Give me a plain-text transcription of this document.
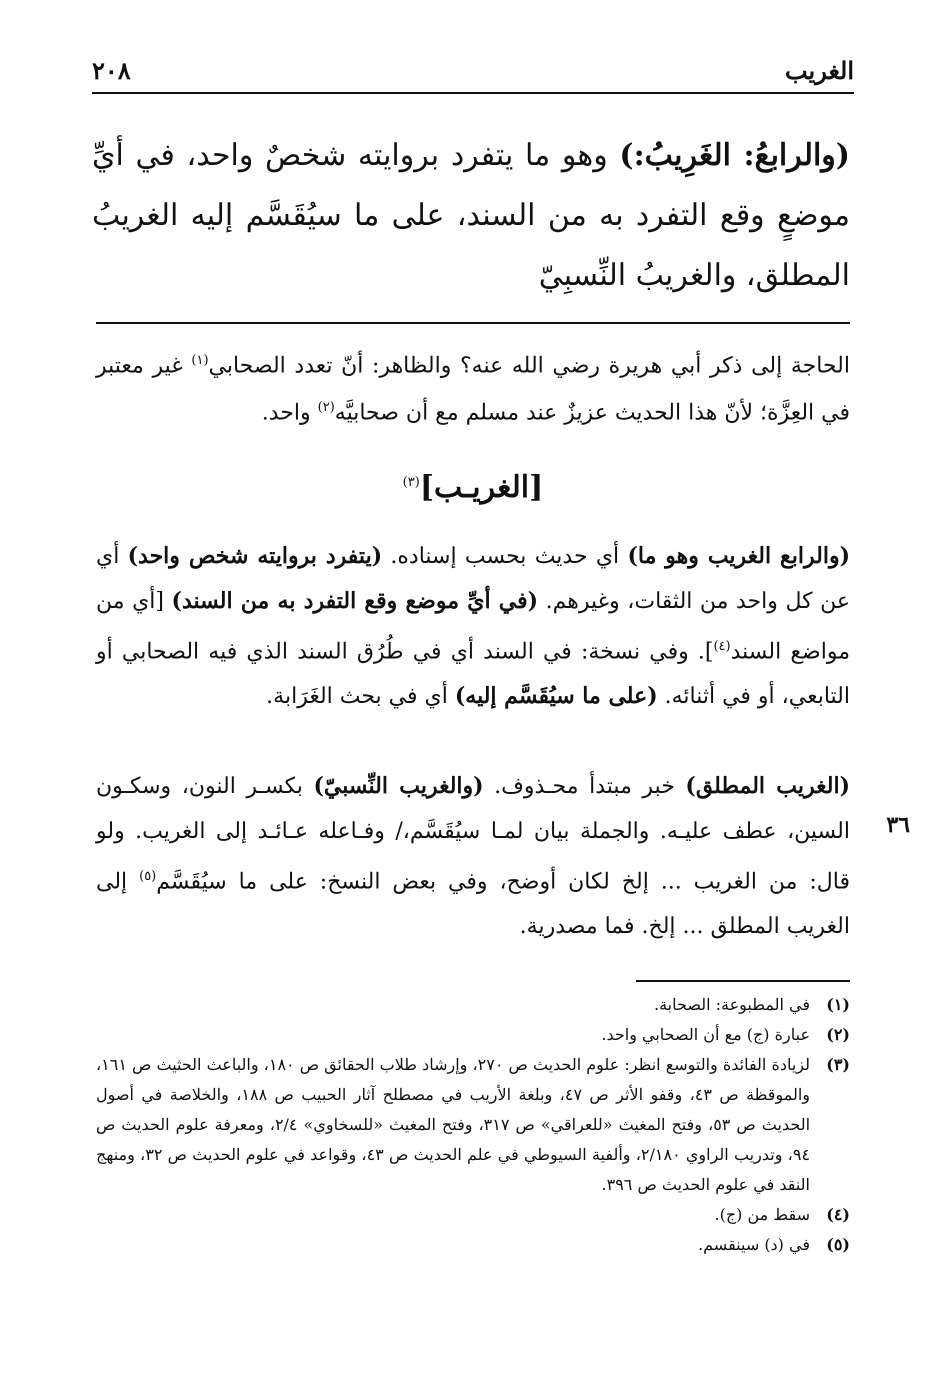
الغريب
٢٠٨
(والرابعُ: الغَرِيبُ:) وهو ما يتفرد بروايته شخصٌ واحد، في أيِّ موضعٍ وقع التفرد به من السند، على ما سيُقَسَّم إليه الغريبُ المطلق، والغريبُ النِّسبِيّ
الحاجة إلى ذكر أبي هريرة رضي الله عنه؟ والظاهر: أنّ تعدد الصحابي$^{(١)}$ غير معتبر في العِزَّة؛ لأنّ هذا الحديث عزيزٌ عند مسلم مع أن صحابيَّه$^{(٢)}$ واحد.
[الغريـب]$^{(٣)}$
(والرابع الغريب وهو ما) أي حديث بحسب إسناده. (يتفرد بروايته شخص واحد) أي عن كل واحد من الثقات، وغيرهم. (في أيِّ موضع وقع التفرد به من السند) [أي من مواضع السند$^{(٤)}$]. وفي نسخة: في السند أي في طُرُق السند الذي فيه الصحابي أو التابعي، أو في أثنائه. (على ما سيُقَسَّم إليه) أي في بحث الغَرَابة.
(الغريب المطلق) خبر مبتدأ محـذوف. (والغريب النِّسبيّ) بكسـر النون، وسكـون السين، عطف عليـه. والجملة بيان لمـا سيُقَسَّم،/ وفـاعله عـائـد إلى الغريب. ولو قال: من الغريب ... إلخ لكان أوضح، وفي بعض النسخ: على ما سيُقَسَّم$^{(٥)}$ إلى الغريب المطلق ... إلخ. فما مصدرية.
٣٦
(١)
في المطبوعة: الصحابة.
(٢)
عبارة (ج) مع أن الصحابي واحد.
(٣)
لزيادة الفائدة والتوسع انظر: علوم الحديث ص ٢٧٠، وإرشاد طلاب الحقائق ص ١٨٠، والباعث الحثيث ص ١٦١، والموقظة ص ٤٣، وقفو الأثر ص ٤٧، وبلغة الأريب في مصطلح آثار الحبيب ص ١٨٨، والخلاصة في أصول الحديث ص ٥٣، وفتح المغيث «للعراقي» ص ٣١٧، وفتح المغيث «للسخاوي» ٢/٤، ومعرفة علوم الحديث ص ٩٤، وتدريب الراوي ٢/١٨٠، وألفية السيوطي في علم الحديث ص ٤٣، وقواعد في علوم الحديث ص ٣٢، ومنهج النقد في علوم الحديث ص ٣٩٦.
(٤)
سقط من (ج).
(٥)
في (د) سينقسم.
